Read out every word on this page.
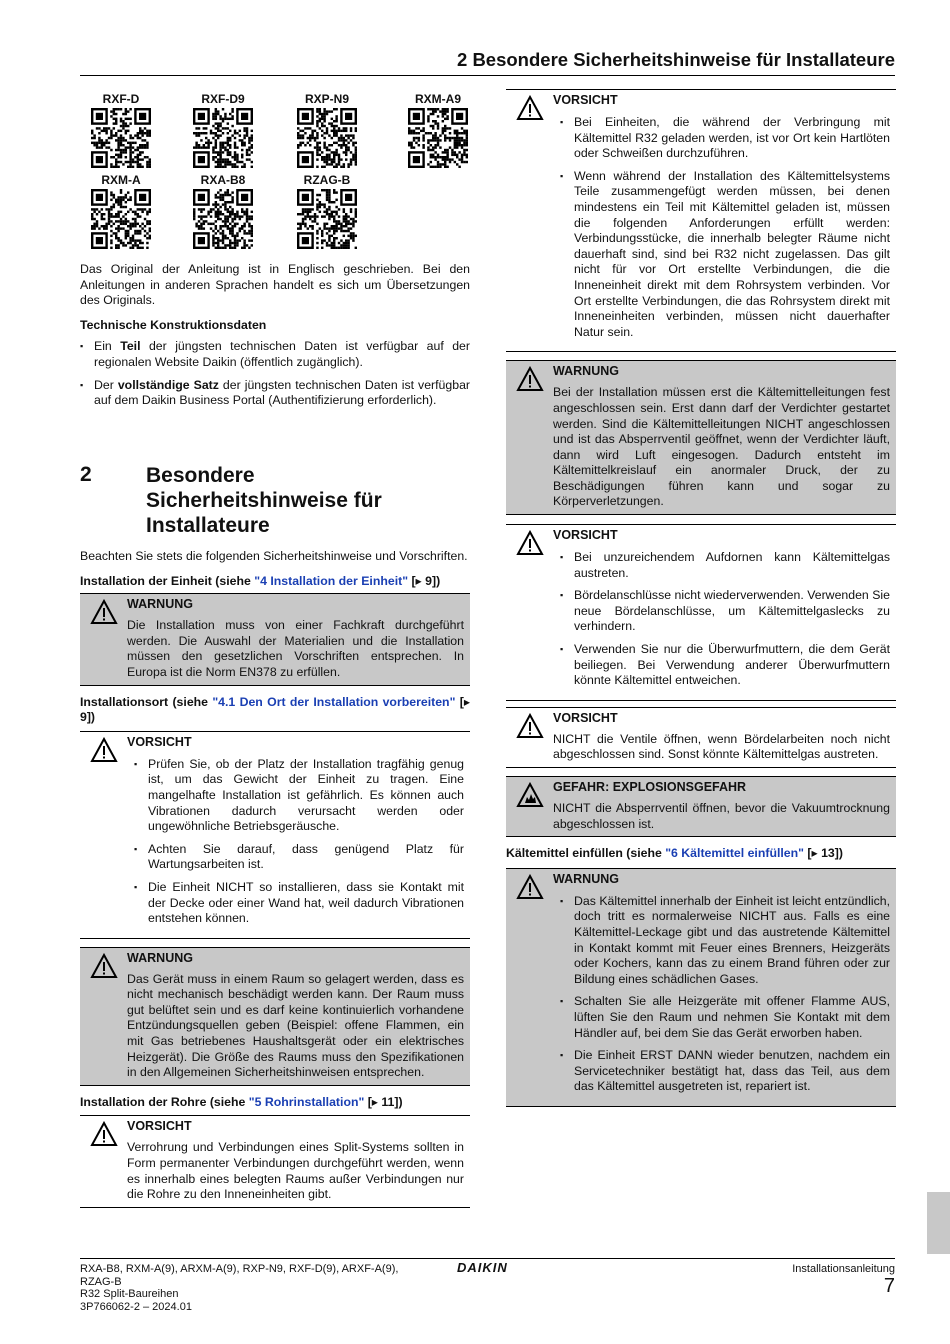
2 Besondere Sicherheitshinweise für Installateure
RXF-D	RXF-D9	RXP-N9	RXM-A9
RXM-A	RXA-B8	RZAG-B

Das Original der Anleitung ist in Englisch geschrieben. Bei den Anleitungen in anderen Sprachen handelt es sich um Übersetzungen des Originals.

Technische Konstruktionsdaten

▪ Ein Teil der jüngsten technischen Daten ist verfügbar auf der regionalen Website Daikin (öffentlich zugänglich).
▪ Der vollständige Satz der jüngsten technischen Daten ist verfügbar auf dem Daikin Business Portal (Authentifizierung erforderlich).
2	Besondere Sicherheitshinweise für Installateure

Beachten Sie stets die folgenden Sicherheitshinweise und Vorschriften.

Installation der Einheit (siehe "4 Installation der Einheit" [▸ 9])

WARNUNG

Die Installation muss von einer Fachkraft durchgeführt werden. Die Auswahl der Materialien und die Installation müssen den gesetzlichen Vorschriften entsprechen. In Europa ist die Norm EN378 zu erfüllen.

Installationsort (siehe "4.1 Den Ort der Installation vorbereiten" [▸ 9])

VORSICHT
▪ Prüfen Sie, ob der Platz der Installation tragfähig genug ist, um das Gewicht der Einheit zu tragen. Eine mangelhafte Installation ist gefährlich. Es können auch Vibrationen dadurch verursacht werden oder ungewöhnliche Betriebsgeräusche.
▪ Achten Sie darauf, dass genügend Platz für Wartungsarbeiten ist.
▪ Die Einheit NICHT so installieren, dass sie Kontakt mit der Decke oder einer Wand hat, weil dadurch Vibrationen entstehen können.
WARNUNG

Das Gerät muss in einem Raum so gelagert werden, dass es nicht mechanisch beschädigt werden kann. Der Raum muss gut belüftet sein und es darf keine kontinuierlich vorhandene Entzündungsquellen geben (Beispiel: offene Flammen, ein mit Gas betriebenes Haushaltsgerät oder ein elektrisches Heizgerät). Die Größe des Raums muss den Spezifikationen in den Allgemeinen Sicherheitshinweisen entsprechen.

Installation der Rohre (siehe "5 Rohrinstallation" [▸ 11])

VORSICHT

Verrohrung und Verbindungen eines Split-Systems sollten in Form permanenter Verbindungen durchgeführt werden, wenn es innerhalb eines belegten Raums außer Verbindungen nur die Rohre zu den Inneneinheiten gibt.

VORSICHT
▪ Bei Einheiten, die während der Verbringung mit Kältemittel R32 geladen werden, ist vor Ort kein Hartlöten oder Schweißen durchzuführen.
▪ Wenn während der Installation des Kältemittelsystems Teile zusammengefügt werden müssen, bei denen mindestens ein Teil mit Kältemittel geladen ist, müssen die folgenden Anforderungen erfüllt werden: Verbindungsstücke, die innerhalb belegter Räume nicht dauerhaft sind, sind bei R32 nicht zugelassen. Das gilt nicht für vor Ort erstellte Verbindungen, die die Inneneinheit direkt mit dem Rohrsystem verbinden. Vor Ort erstellte Verbindungen, die das Rohrsystem direkt mit Inneneinheiten verbinden, müssen nicht dauerhafter Natur sein.
WARNUNG

Bei der Installation müssen erst die Kältemittelleitungen fest angeschlossen sein. Erst dann darf der Verdichter gestartet werden. Sind die Kältemittelleitungen NICHT angeschlossen und ist das Absperrventil geöffnet, wenn der Verdichter läuft, dann wird Luft eingesogen. Dadurch entsteht im Kältemittelkreislauf ein anormaler Druck, der zu Beschädigungen führen kann und sogar zu Körperverletzungen.

VORSICHT
▪ Bei unzureichendem Aufdornen kann Kältemittelgas austreten.
▪ Bördelanschlüsse nicht wiederverwenden. Verwenden Sie neue Bördelanschlüsse, um Kältemittelgaslecks zu verhindern.
▪ Verwenden Sie nur die Überwurfmuttern, die dem Gerät beiliegen. Bei Verwendung anderer Überwurfmuttern könnte Kältemittel entweichen.
VORSICHT

NICHT die Ventile öffnen, wenn Bördelarbeiten noch nicht abgeschlossen sind. Sonst könnte Kältemittelgas austreten.

GEFAHR: EXPLOSIONSGEFAHR

NICHT die Absperrventil öffnen, bevor die Vakuumtrocknung abgeschlossen ist.

Kältemittel einfüllen (siehe "6 Kältemittel einfüllen" [▸ 13])

WARNUNG
▪ Das Kältemittel innerhalb der Einheit ist leicht entzündlich, doch tritt es normalerweise NICHT aus. Falls es eine Kältemittel-Leckage gibt und das austretende Kältemittel in Kontakt kommt mit Feuer eines Brenners, Heizgeräts oder Kochers, kann das zu einem Brand führen oder zur Bildung eines schädlichen Gases.
▪ Schalten Sie alle Heizgeräte mit offener Flamme AUS, lüften Sie den Raum und nehmen Sie Kontakt mit dem Händler auf, bei dem Sie das Gerät erworben haben.
▪ Die Einheit ERST DANN wieder benutzen, nachdem ein Servicetechniker bestätigt hat, dass das Teil, aus dem das Kältemittel ausgetreten ist, repariert ist.
RXA-B8, RXM-A(9), ARXM-A(9), RXP-N9, RXF-D(9), ARXF-A(9),
RZAG-B
R32 Split-Baureihen
3P766062-2 – 2024.01
DAIKIN	Installationsanleitung
7
